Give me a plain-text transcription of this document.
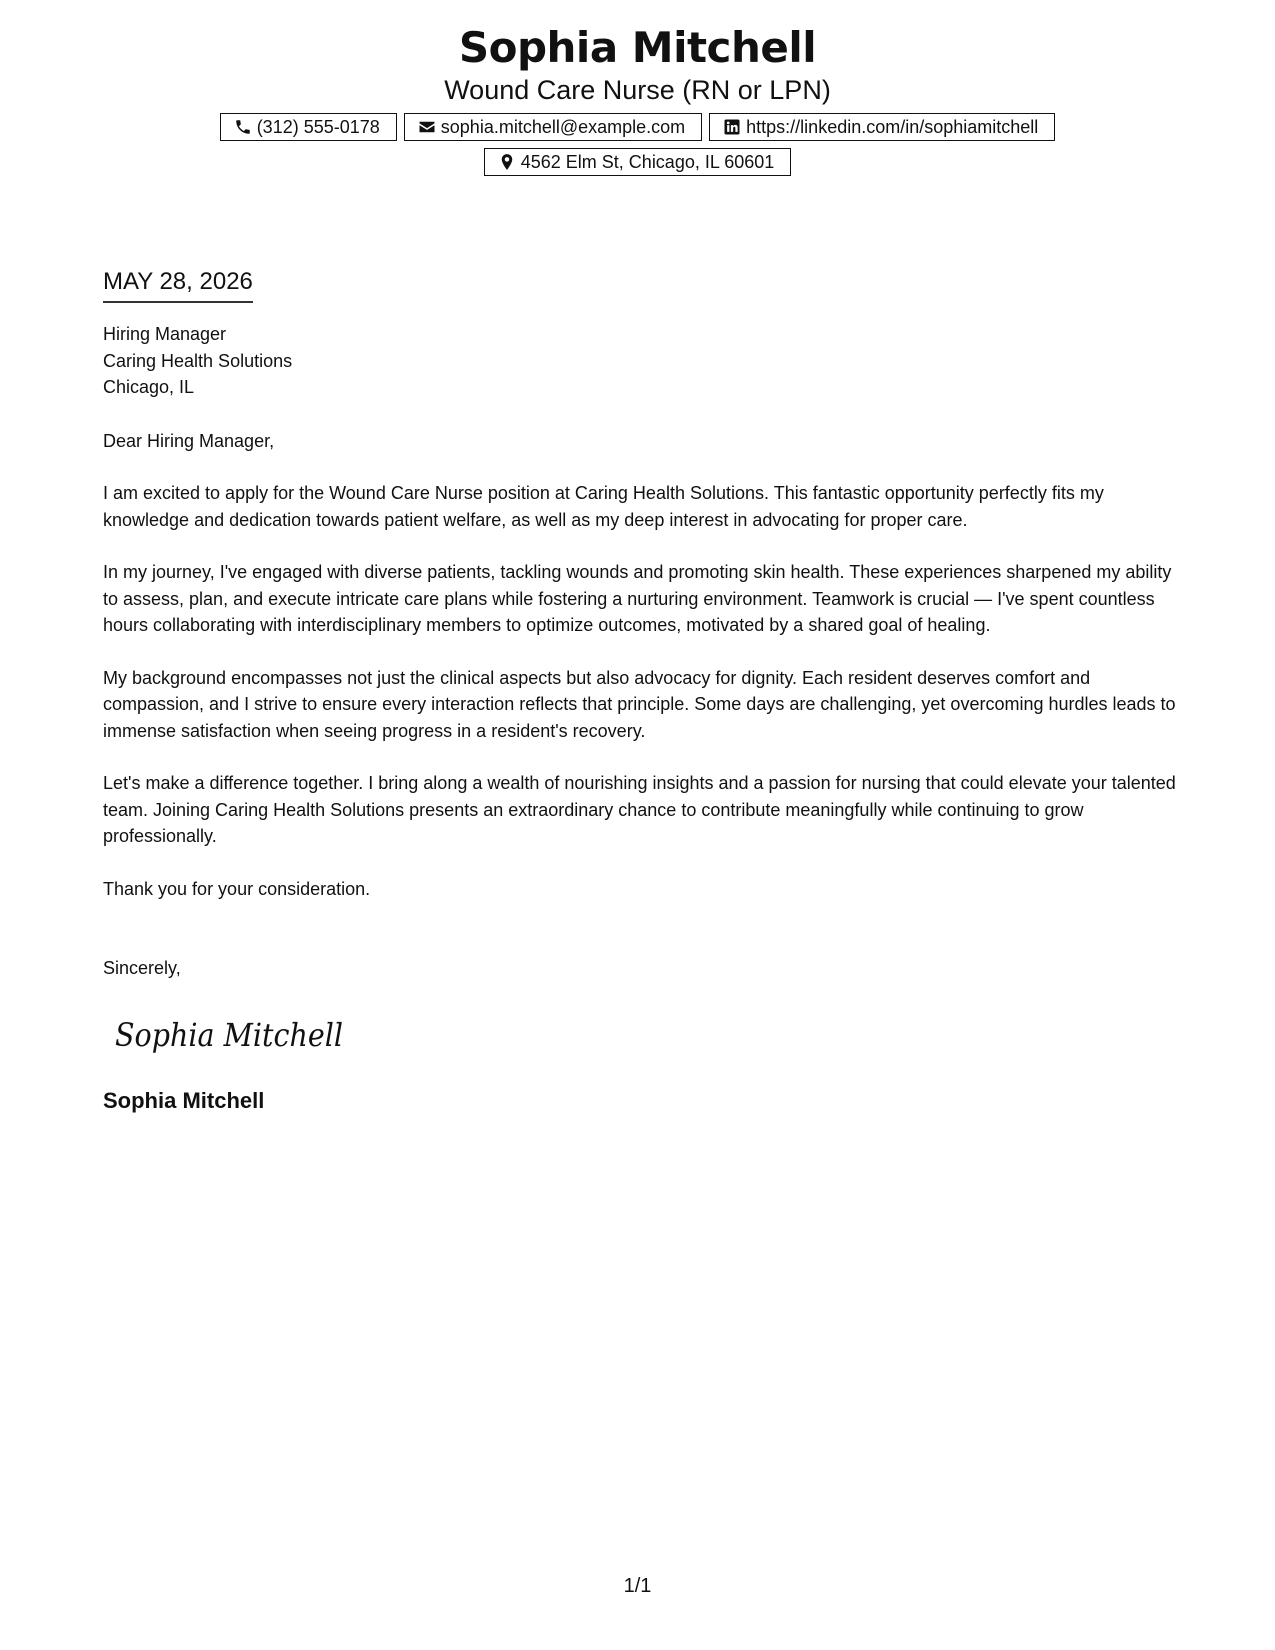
Sophia Mitchell
Wound Care Nurse (RN or LPN)
(312) 555-0178	sophia.mitchell@example.com	https://linkedin.com/in/sophiamitchell
4562 Elm St, Chicago, IL 60601
MAY 28, 2026
Hiring Manager
Caring Health Solutions
Chicago, IL
Dear Hiring Manager,

I am excited to apply for the Wound Care Nurse position at Caring Health Solutions. This fantastic opportunity perfectly fits my knowledge and dedication towards patient welfare, as well as my deep interest in advocating for proper care.

In my journey, I've engaged with diverse patients, tackling wounds and promoting skin health. These experiences sharpened my ability to assess, plan, and execute intricate care plans while fostering a nurturing environment. Teamwork is crucial — I've spent countless hours collaborating with interdisciplinary members to optimize outcomes, motivated by a shared goal of healing.

My background encompasses not just the clinical aspects but also advocacy for dignity. Each resident deserves comfort and compassion, and I strive to ensure every interaction reflects that principle. Some days are challenging, yet overcoming hurdles leads to immense satisfaction when seeing progress in a resident's recovery.

Let's make a difference together. I bring along a wealth of nourishing insights and a passion for nursing that could elevate your talented team. Joining Caring Health Solutions presents an extraordinary chance to contribute meaningfully while continuing to grow professionally.

Thank you for your consideration.
Sincerely,
Sophia Mitchell
Sophia Mitchell
1/1
